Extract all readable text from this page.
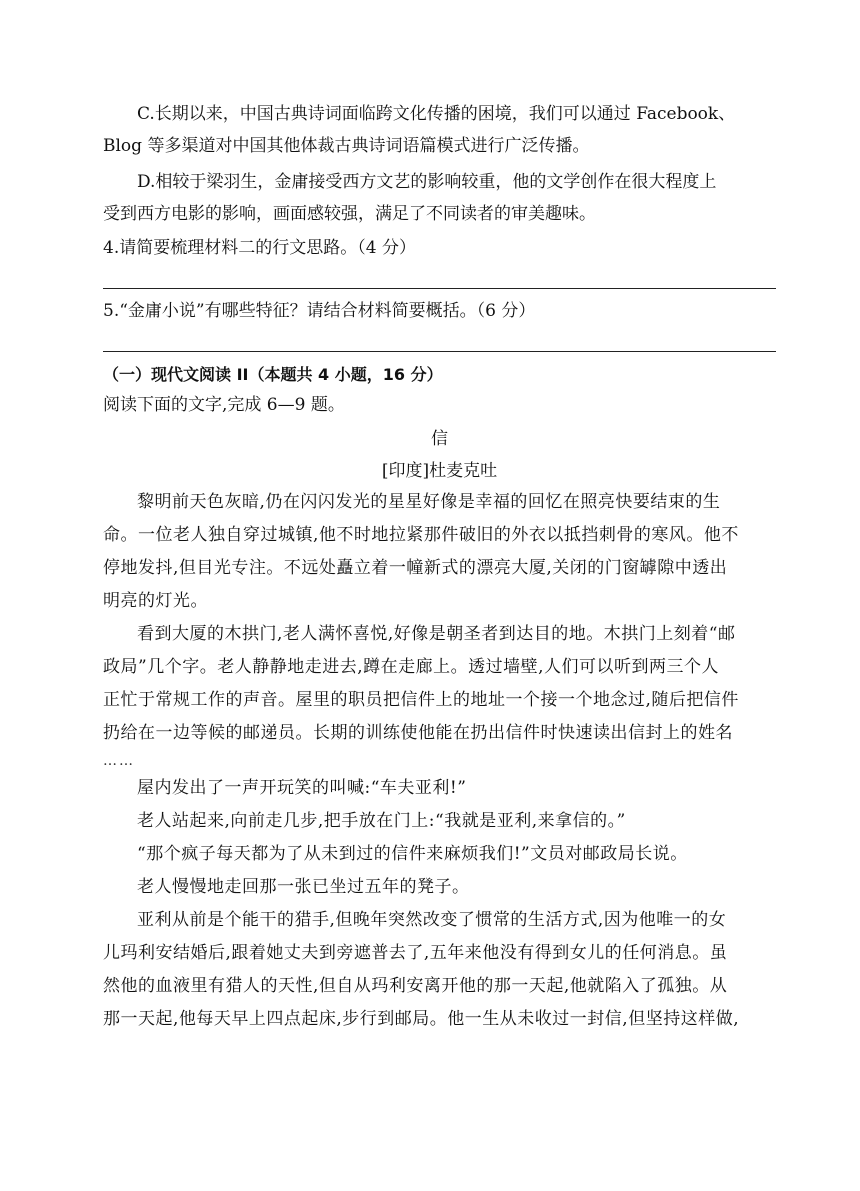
C.长期以来，中国古典诗词面临跨文化传播的困境，我们可以通过 Facebook、
Blog 等多渠道对中国其他体裁古典诗词语篇模式进行广泛传播。
D.相较于梁羽生，金庸接受西方文艺的影响较重，他的文学创作在很大程度上
受到西方电影的影响，画面感较强，满足了不同读者的审美趣味。
4.请简要梳理材料二的行文思路。（4 分）
5.“金庸小说”有哪些特征？请结合材料简要概括。（6 分）
（一）现代文阅读 II（本题共 4 小题，16 分）
阅读下面的文字,完成 6—9 题。
信
[印度]杜麦克吐
黎明前天色灰暗,仍在闪闪发光的星星好像是幸福的回忆在照亮快要结束的生
命。一位老人独自穿过城镇,他不时地拉紧那件破旧的外衣以抵挡刺骨的寒风。他不
停地发抖,但目光专注。不远处矗立着一幢新式的漂亮大厦,关闭的门窗罅隙中透出
明亮的灯光。
看到大厦的木拱门,老人满怀喜悦,好像是朝圣者到达目的地。木拱门上刻着“邮
政局”几个字。老人静静地走进去,蹲在走廊上。透过墙壁,人们可以听到两三个人
正忙于常规工作的声音。屋里的职员把信件上的地址一个接一个地念过,随后把信件
扔给在一边等候的邮递员。长期的训练使他能在扔出信件时快速读出信封上的姓名
……
屋内发出了一声开玩笑的叫喊:“车夫亚利!”
老人站起来,向前走几步,把手放在门上:“我就是亚利,来拿信的。”
“那个疯子每天都为了从未到过的信件来麻烦我们!”文员对邮政局长说。
老人慢慢地走回那一张已坐过五年的凳子。
亚利从前是个能干的猎手,但晚年突然改变了惯常的生活方式,因为他唯一的女
儿玛利安结婚后,跟着她丈夫到旁遮普去了,五年来他没有得到女儿的任何消息。虽
然他的血液里有猎人的天性,但自从玛利安离开他的那一天起,他就陷入了孤独。从
那一天起,他每天早上四点起床,步行到邮局。他一生从未收过一封信,但坚持这样做,
